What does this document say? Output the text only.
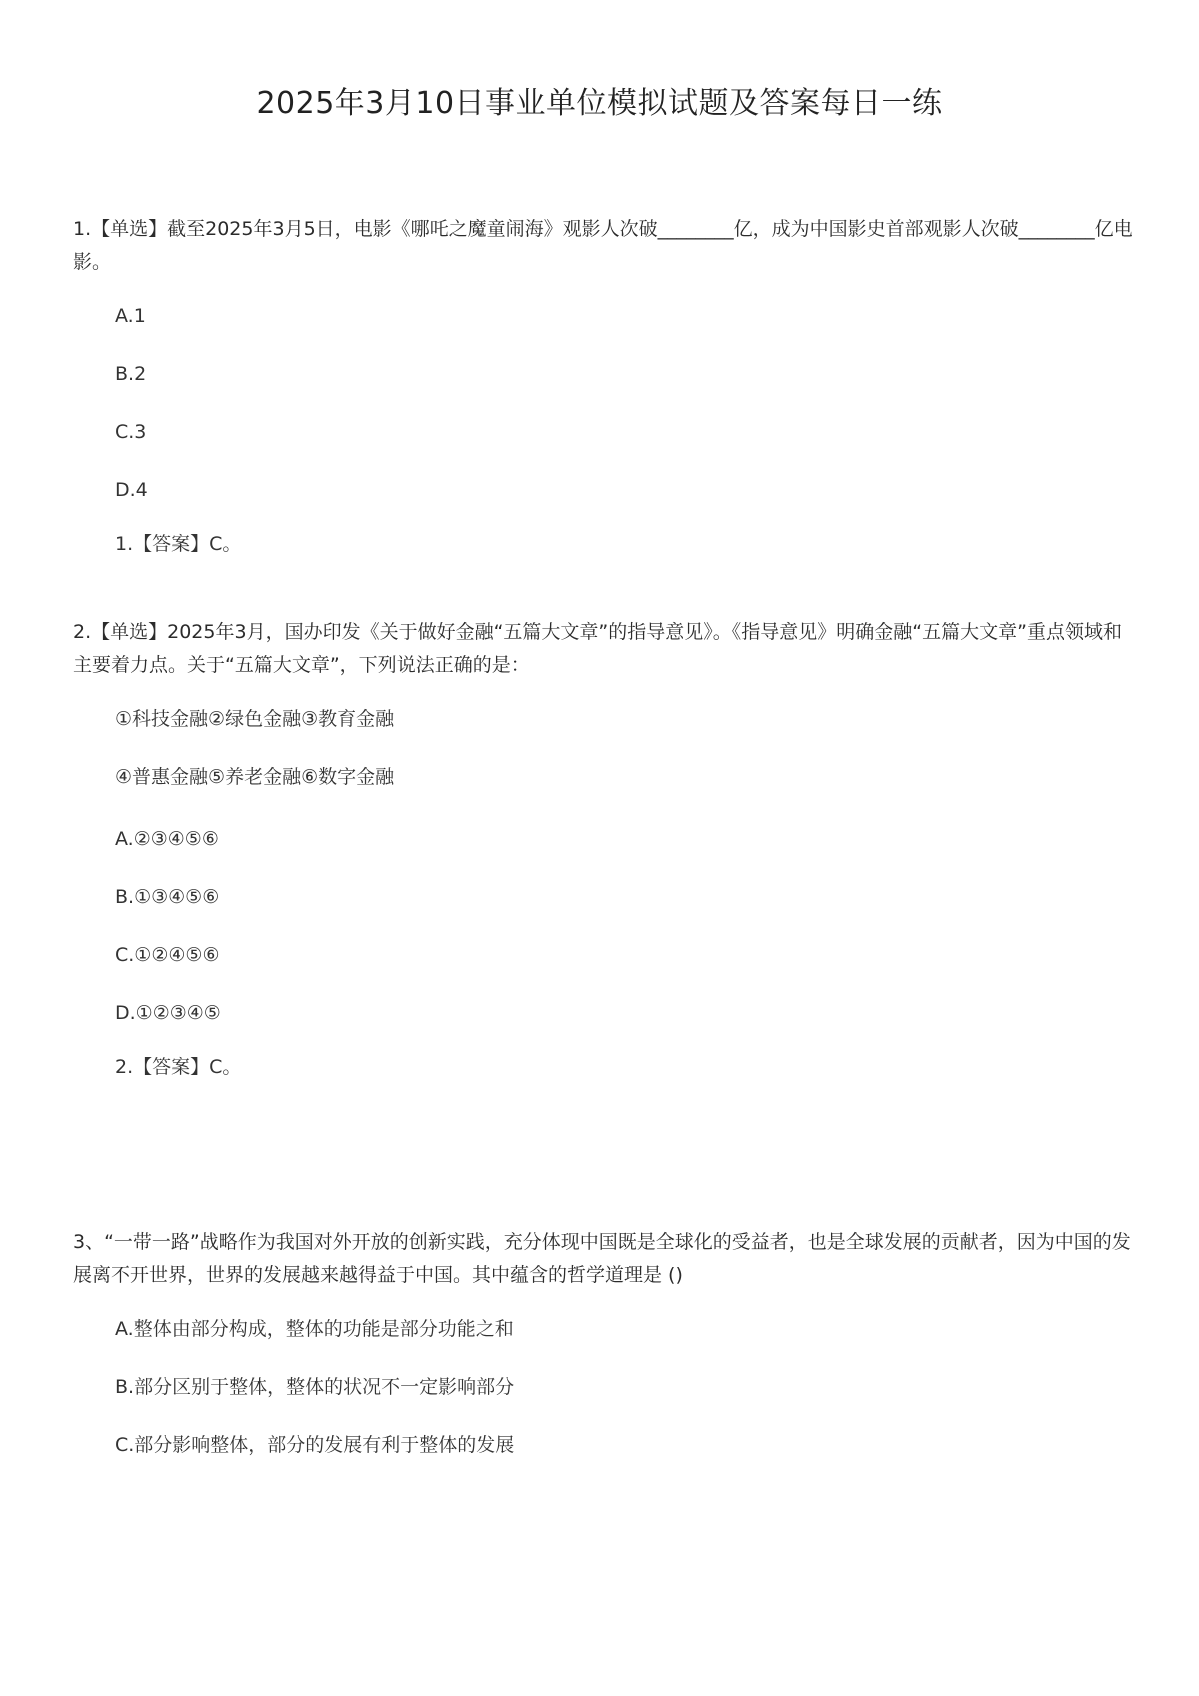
2025年3月10日事业单位模拟试题及答案每日一练

1.【单选】截至2025年3月5日，电影《哪吒之魔童闹海》观影人次破________亿，成为中国影史首部观影人次破________亿电影。

A.1

B.2

C.3

D.4

1.【答案】C。

2.【单选】2025年3月，国办印发《关于做好金融“五篇大文章”的指导意见》。《指导意见》明确金融“五篇大文章”重点领域和主要着力点。关于“五篇大文章”，下列说法正确的是：

①科技金融②绿色金融③教育金融

④普惠金融⑤养老金融⑥数字金融

A.②③④⑤⑥

B.①③④⑤⑥

C.①②④⑤⑥

D.①②③④⑤

2.【答案】C。

3、“一带一路”战略作为我国对外开放的创新实践，充分体现中国既是全球化的受益者，也是全球发展的贡献者，因为中国的发展离不开世界，世界的发展越来越得益于中国。其中蕴含的哲学道理是 ()

A.整体由部分构成，整体的功能是部分功能之和

B.部分区别于整体，整体的状况不一定影响部分

C.部分影响整体，部分的发展有利于整体的发展
